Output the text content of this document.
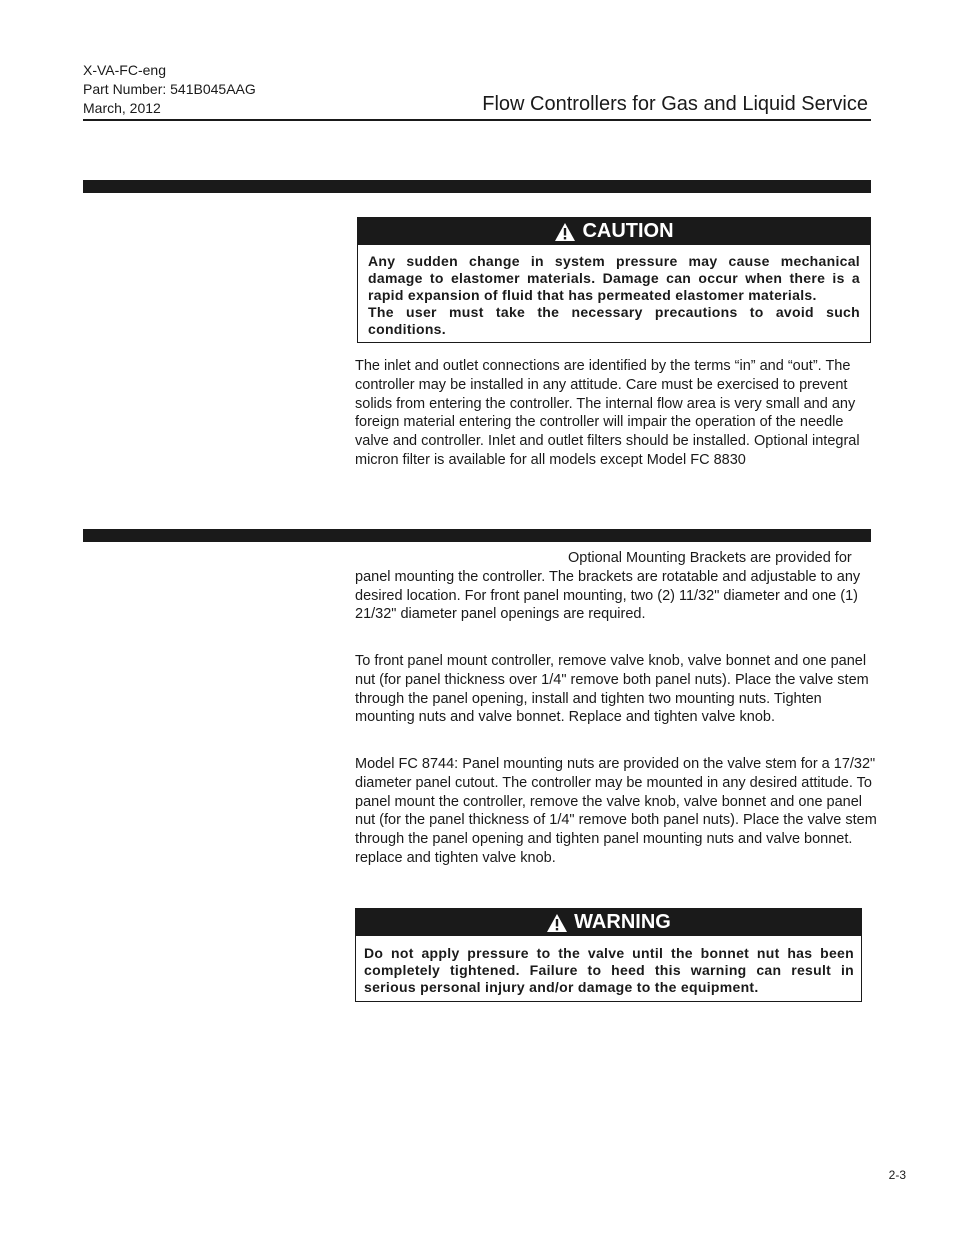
X-VA-FC-eng
Part Number: 541B045AAG
March, 2012	Flow Controllers for Gas and Liquid Service
CAUTION
Any sudden change in system pressure may cause mechanical damage to elastomer materials. Damage can occur when there is a rapid expansion of fluid that has permeated elastomer materials.
The user must take the necessary precautions to avoid such conditions.
The inlet and outlet connections are identified by the terms “in” and “out”. The controller may be installed in any attitude. Care must be exercised to prevent solids from entering the controller. The internal flow area is very small and any foreign material entering the controller will impair the operation of the needle valve and controller. Inlet and outlet filters should be installed. Optional integral micron filter is available for all models except Model FC 8830
Optional Mounting Brackets are provided for
panel mounting the controller. The brackets are rotatable and adjustable to any desired location. For front panel mounting, two (2) 11/32" diameter and one (1) 21/32" diameter panel openings are required.
To front panel mount controller, remove valve knob, valve bonnet and one panel nut (for panel thickness over 1/4" remove both panel nuts). Place the valve stem through the panel opening, install and tighten two mounting nuts. Tighten mounting nuts and valve bonnet. Replace and tighten valve knob.
Model FC 8744: Panel mounting nuts are provided on the valve stem for a 17/32" diameter panel cutout. The controller may be mounted in any desired attitude. To panel mount the controller, remove the valve knob, valve bonnet and one panel nut (for the panel thickness of 1/4" remove both panel nuts). Place the valve stem through the panel opening and tighten panel mounting nuts and valve bonnet. replace and tighten valve knob.
WARNING
Do not apply pressure to the valve until the bonnet nut has been completely tightened. Failure to heed this warning can result in serious personal injury and/or damage to the equipment.
2-3
